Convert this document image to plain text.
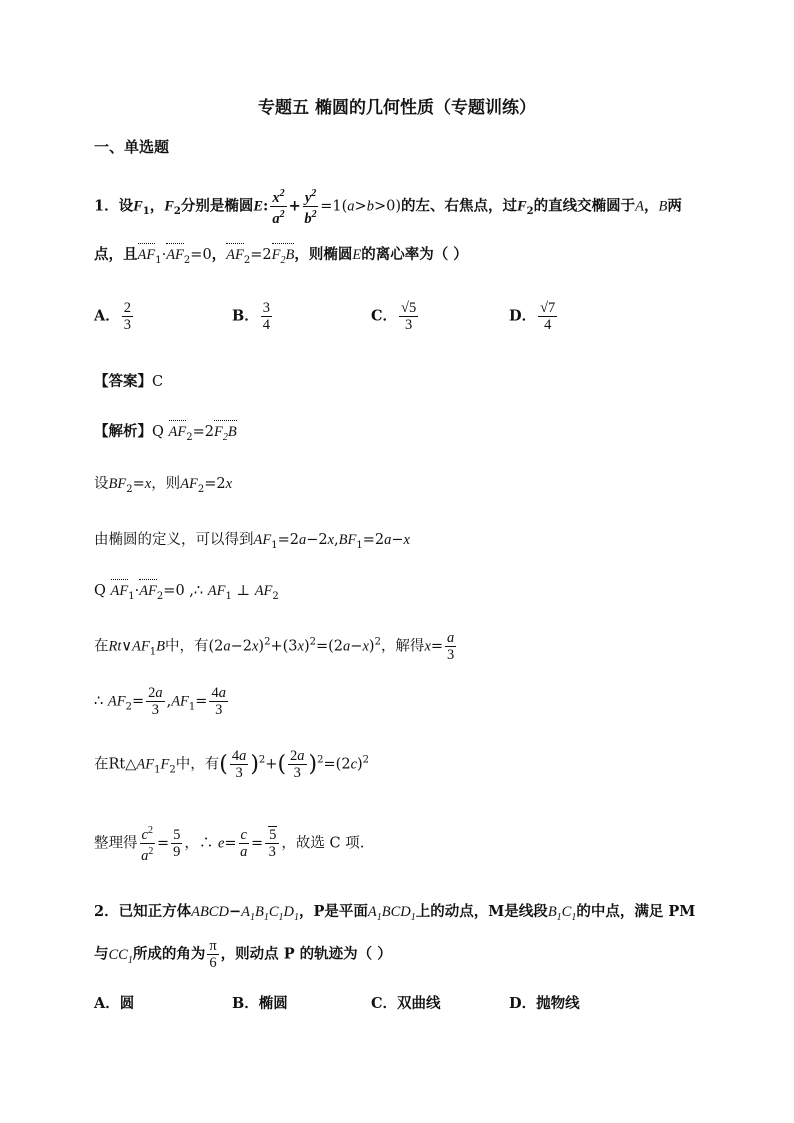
专题五 椭圆的几何性质（专题训练）
一、单选题
1．设$F_1$，$F_2$分别是椭圆E: $\frac{x^2}{a^2} + \frac{y^2}{b^2} =1(a>b>0)$的左、右焦点，过$F_2$的直线交椭圆于A，B两
点，且$AF_1\cdot AF_2=0$，$AF_2=2F_2B$，则椭圆E的离心率为（ ）
A． $\frac{2}{3}$	B． $\frac{3}{4}$	C． $\frac{√5}{3}$	D． $\frac{√7}{4}$
【答案】C
【解析】Q $AF_2=2F_2B$
设$BF_2=x$，则$AF_2=2x$
由椭圆的定义，可以得到$AF_1=2a-2x,BF_1=2a-x$
Q $AF_1\cdot AF_2=0$ ,∴ $AF_1$ ⊥ $AF_2$
在$Rt\vee AF_1B$中，有$(2a-2x)^2+(3x)^2=(2a-x)^2$，解得$x= \frac{a}{3}$
∴ $AF_2= \frac{2a}{3} ,AF_1= \frac{4a}{3}$
在$Rt\triangle AF_1F_2$中，有( $\frac{4a}{3} )^2+( \frac{2a}{3} )^2=(2c)^2$
整理得 $\frac{c^2}{a^2} = \frac{5}{9}$ ，∴ $e= \frac{c}{a} = \frac{5}{3}$ ，故选 C 项.
2．已知正方体$ABCD-A_1B_1C_1D_1$，P是平面$A_1BCD_1$上的动点，M是线段$B_1C_1$的中点，满足 PM
与$CC_1$所成的角为 $\frac{\pi}{6}$ ，则动点 P 的轨迹为（ ）
A．圆	B．椭圆	C．双曲线	D．抛物线
